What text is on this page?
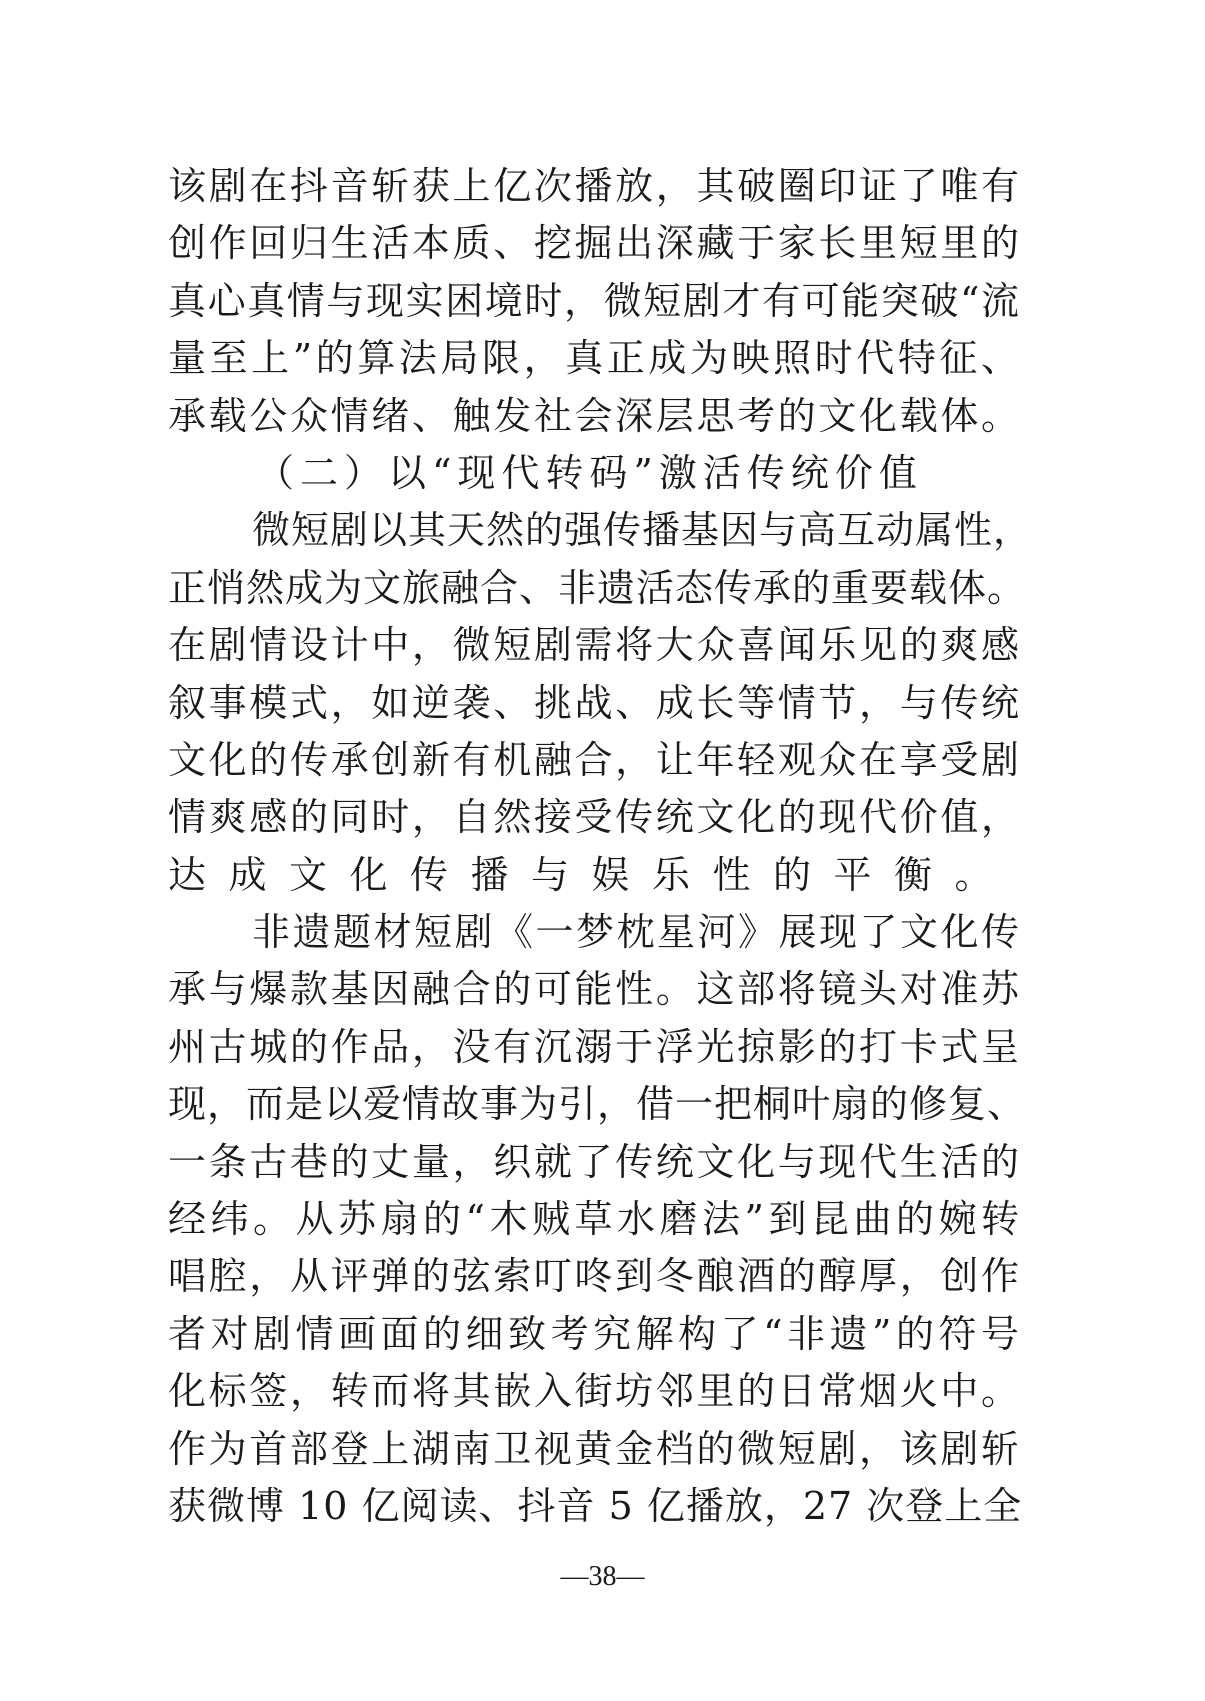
该剧在抖音斩获上亿次播放，其破圈印证了唯有
创作回归生活本质、挖掘出深藏于家长里短里的
真心真情与现实困境时，微短剧才有可能突破“流
量至上”的算法局限，真正成为映照时代特征、
承载公众情绪、触发社会深层思考的文化载体。
（二）以“现代转码”激活传统价值
微短剧以其天然的强传播基因与高互动属性，
正悄然成为文旅融合、非遗活态传承的重要载体。
在剧情设计中，微短剧需将大众喜闻乐见的爽感
叙事模式，如逆袭、挑战、成长等情节，与传统
文化的传承创新有机融合，让年轻观众在享受剧
情爽感的同时，自然接受传统文化的现代价值，
达成文化传播与娱乐性的平衡。
非遗题材短剧《一梦枕星河》展现了文化传
承与爆款基因融合的可能性。这部将镜头对准苏
州古城的作品，没有沉溺于浮光掠影的打卡式呈
现，而是以爱情故事为引，借一把桐叶扇的修复、
一条古巷的丈量，织就了传统文化与现代生活的
经纬。从苏扇的“木贼草水磨法”到昆曲的婉转
唱腔，从评弹的弦索叮咚到冬酿酒的醇厚，创作
者对剧情画面的细致考究解构了“非遗”的符号
化标签，转而将其嵌入街坊邻里的日常烟火中。
作为首部登上湖南卫视黄金档的微短剧，该剧斩
获微博 10 亿阅读、抖音 5 亿播放，27 次登上全
—38—
